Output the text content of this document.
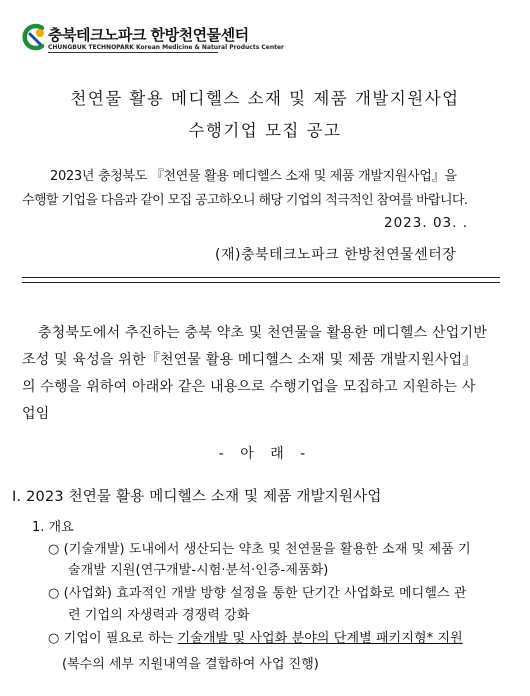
충북테크노파크 한방천연물센터
CHUNGBUK TECHNOPARK Korean Medicine & Natural Products Center
천연물 활용 메디헬스 소재 및 제품 개발지원사업
수행기업 모집 공고
2023년 충청북도 『천연물 활용 메디헬스 소재 및 제품 개발지원사업』을
수행할 기업을 다음과 같이 모집 공고하오니 해당 기업의 적극적인 참여를 바랍니다.
2023. 03. .
(재)충북테크노파크 한방천연물센터장
충청북도에서 추진하는 충북 약초 및 천연물을 활용한 메디헬스 산업기반
조성 및 육성을 위한『천연물 활용 메디헬스 소재 및 제품 개발지원사업』
의 수행을 위하여 아래와 같은 내용으로 수행기업을 모집하고 지원하는 사
업임
- 아 래 -
Ⅰ. 2023 천연물 활용 메디헬스 소재 및 제품 개발지원사업
1. 개요
○ (기술개발) 도내에서 생산되는 약초 및 천연물을 활용한 소재 및 제품 기
술개발 지원(연구개발-시험·분석·인증-제품화)
○ (사업화) 효과적인 개발 방향 설정을 통한 단기간 사업화로 메디헬스 관
련 기업의 자생력과 경쟁력 강화
○ 기업이 필요로 하는 기술개발 및 사업화 분야의 단계별 패키지형* 지원
(복수의 세부 지원내역을 결합하여 사업 진행)
